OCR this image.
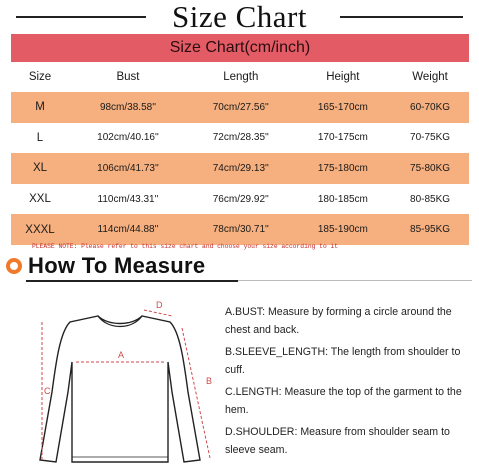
Size Chart
Size Chart(cm/inch)
Size	Bust	Length	Height	Weight
M	98cm/38.58''	70cm/27.56''	165-170cm	60-70KG
L	102cm/40.16''	72cm/28.35''	170-175cm	70-75KG
XL	106cm/41.73''	74cm/29.13''	175-180cm	75-80KG
XXL	110cm/43.31''	76cm/29.92''	180-185cm	80-85KG
XXXL	114cm/44.88''	78cm/30.71''	185-190cm	85-95KG
PLEASE NOTE: Please refer to this size chart and choose your size according to it
How To Measure
A
B
C
D

A.BUST: Measure by forming a circle around the chest and back.

B.SLEEVE_LENGTH: The length from shoulder to cuff.

C.LENGTH: Measure the top of the garment to the hem.

D.SHOULDER: Measure from shoulder seam to sleeve seam.
